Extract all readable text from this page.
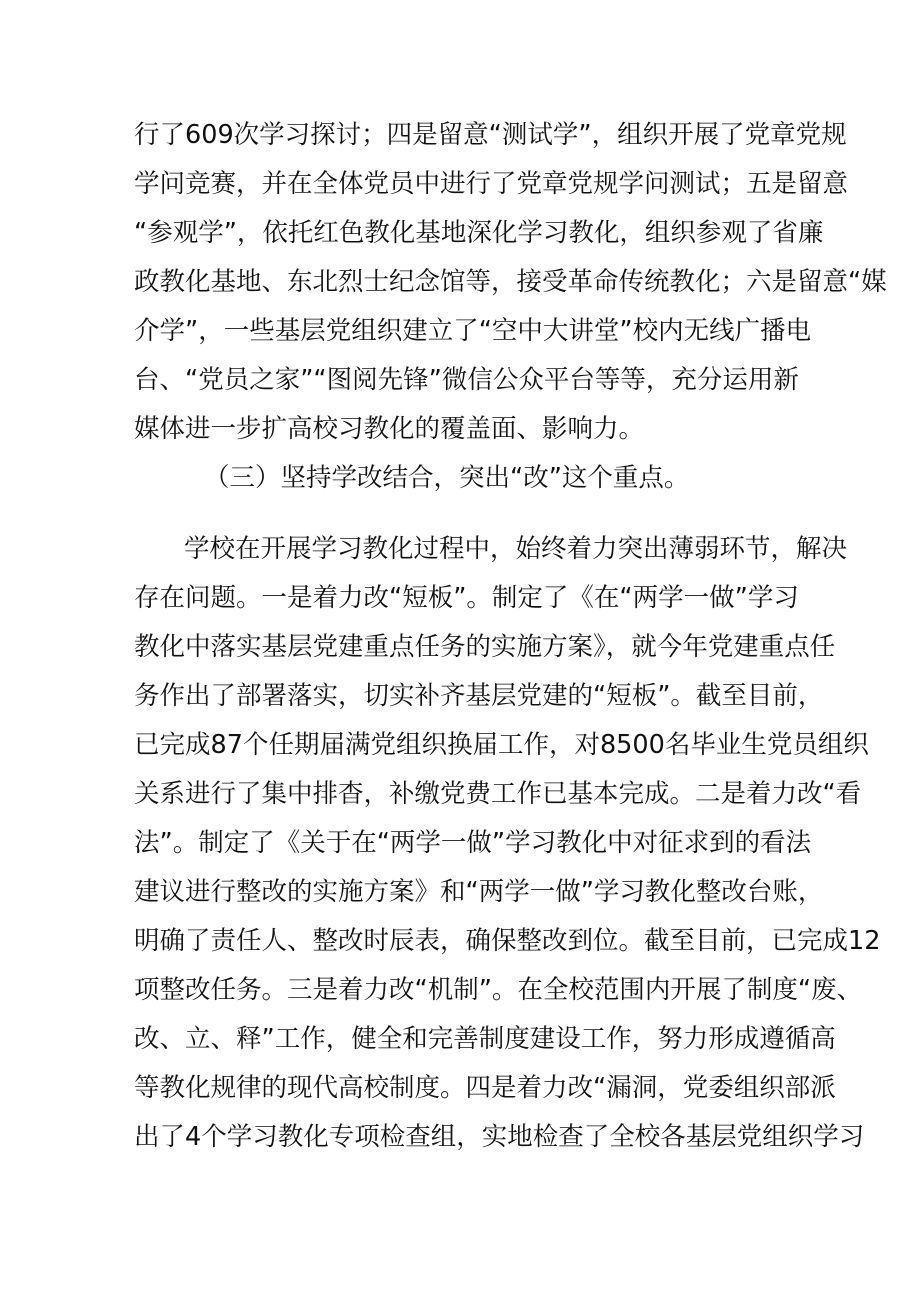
行了609次学习探讨；四是留意“测试学”，组织开展了党章党规
学问竞赛，并在全体党员中进行了党章党规学问测试；五是留意
“参观学”，依托红色教化基地深化学习教化，组织参观了省廉
政教化基地、东北烈士纪念馆等，接受革命传统教化；六是留意“媒
介学”，一些基层党组织建立了“空中大讲堂”校内无线广播电
台、“党员之家”“图阅先锋”微信公众平台等等，充分运用新
媒体进一步扩高校习教化的覆盖面、影响力。
（三）坚持学改结合，突出“改”这个重点。
学校在开展学习教化过程中，始终着力突出薄弱环节，解决
存在问题。一是着力改“短板”。制定了《在“两学一做”学习
教化中落实基层党建重点任务的实施方案》，就今年党建重点任
务作出了部署落实，切实补齐基层党建的“短板”。截至目前，
已完成87个任期届满党组织换届工作，对8500名毕业生党员组织
关系进行了集中排杳，补缴党费工作已基本完成。二是着力改“看
法”。制定了《关于在“两学一做”学习教化中对征求到的看法
建议进行整改的实施方案》和“两学一做”学习教化整改台账，
明确了责任人、整改时辰表，确保整改到位。截至目前，已完成12
项整改任务。三是着力改“机制”。在全校范围内开展了制度“废、
改、立、释”工作，健全和完善制度建设工作，努力形成遵循高
等教化规律的现代高校制度。四是着力改“漏洞，党委组织部派
出了4个学习教化专项检查组，实地检查了全校各基层党组织学习
